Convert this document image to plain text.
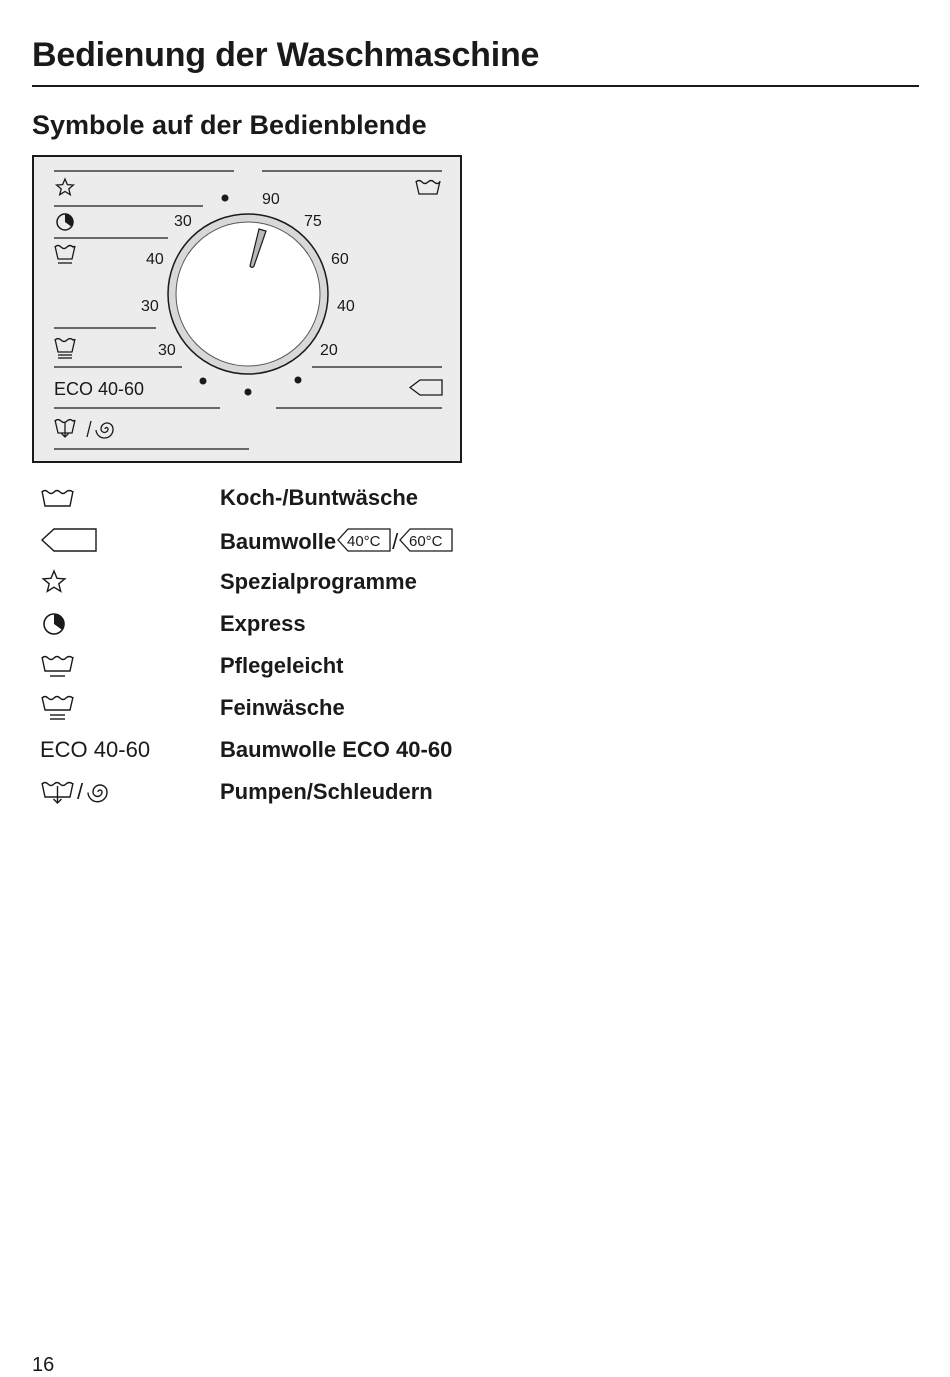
Bedienung der Waschmaschine
Symbole auf der Bedienblende
ECO 40-60
90
75
60
40
20
30
40
30
30
Koch-/Buntwäsche
Baumwolle 40°C / 60°C
Spezialprogramme
Express
Pflegeleicht
Feinwäsche
ECO 40-60	Baumwolle ECO 40-60
/	Pumpen/Schleudern
16
